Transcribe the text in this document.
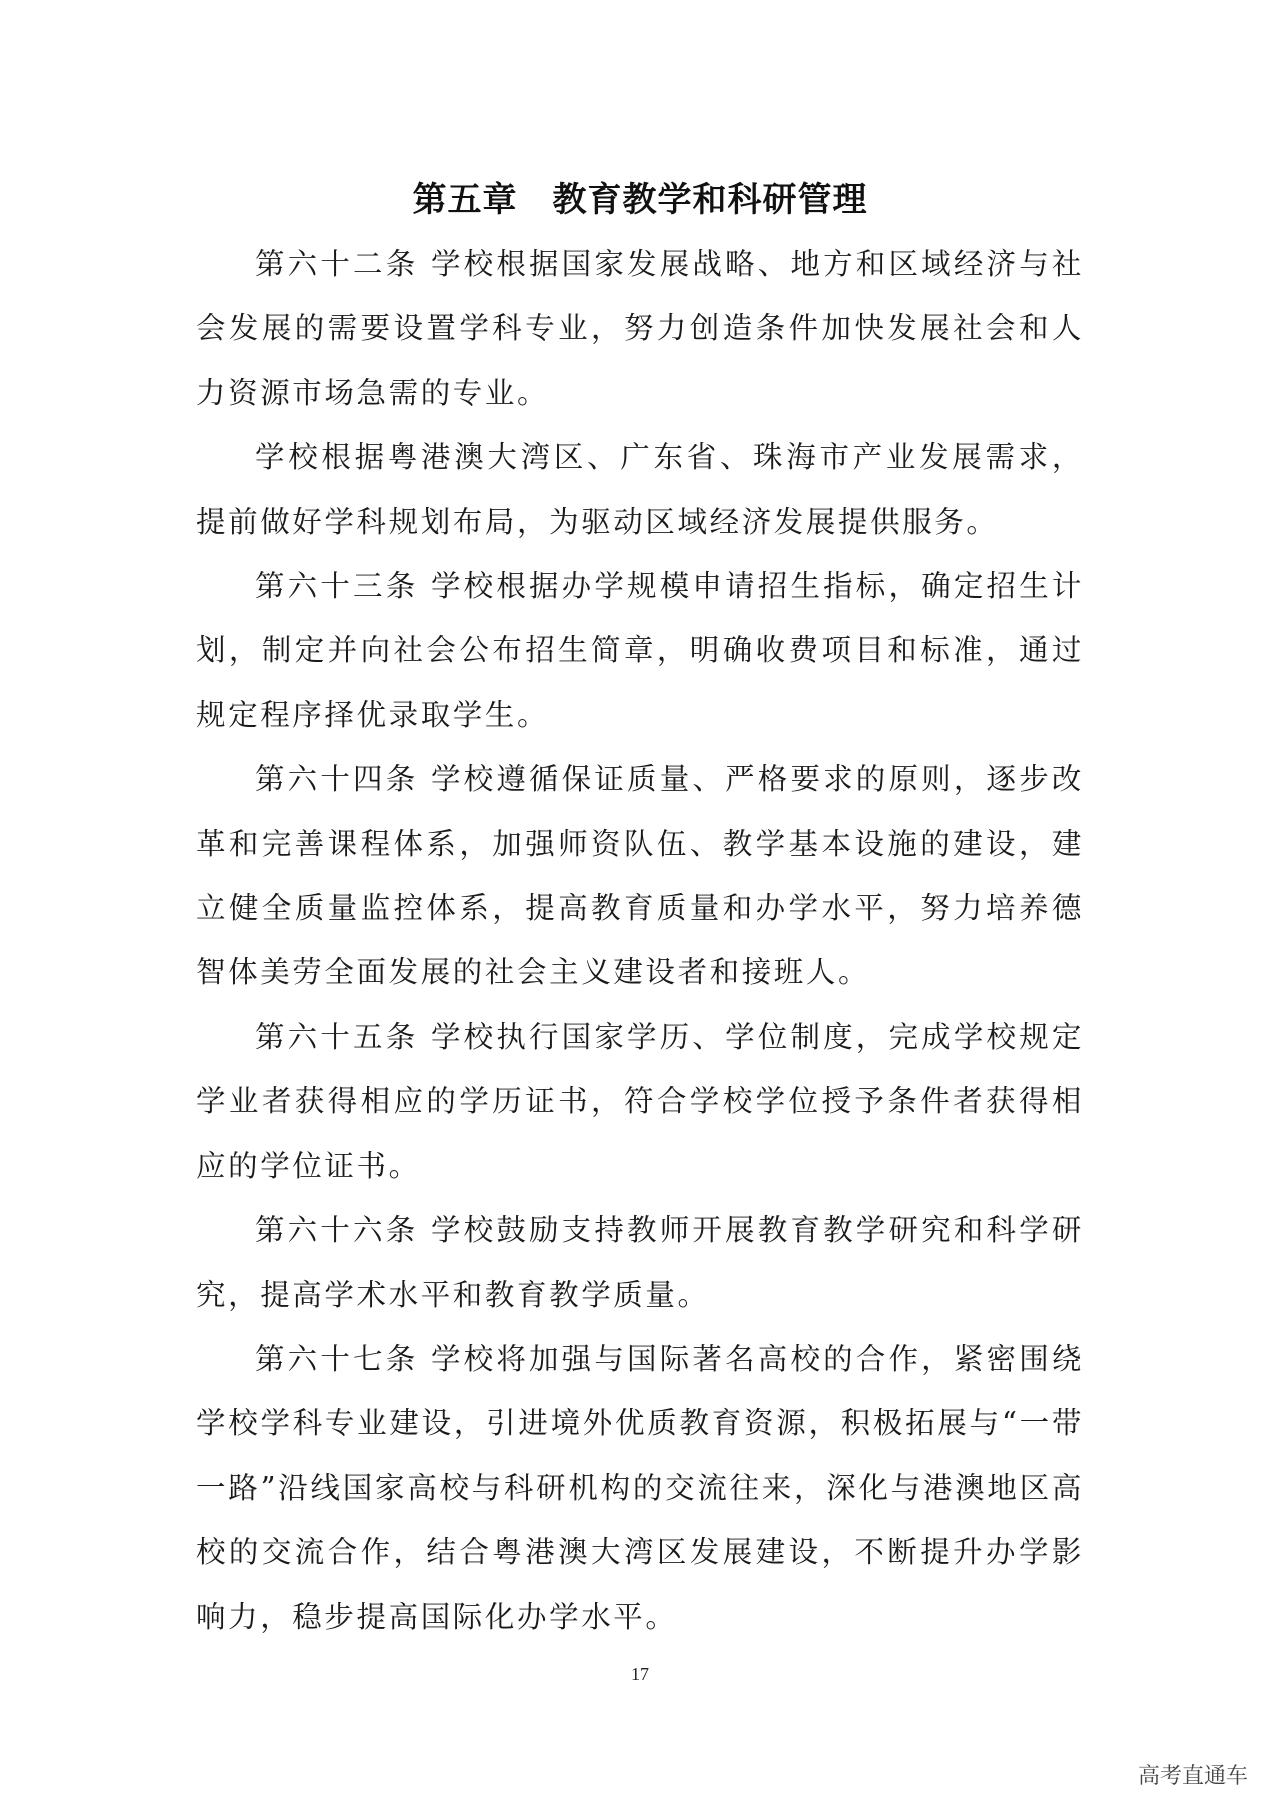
第五章　教育教学和科研管理

第六十二条 学校根据国家发展战略、地方和区域经济与社会发展的需要设置学科专业，努力创造条件加快发展社会和人力资源市场急需的专业。

学校根据粤港澳大湾区、广东省、珠海市产业发展需求，提前做好学科规划布局，为驱动区域经济发展提供服务。

第六十三条 学校根据办学规模申请招生指标，确定招生计划，制定并向社会公布招生简章，明确收费项目和标准，通过规定程序择优录取学生。

第六十四条 学校遵循保证质量、严格要求的原则，逐步改革和完善课程体系，加强师资队伍、教学基本设施的建设，建立健全质量监控体系，提高教育质量和办学水平，努力培养德智体美劳全面发展的社会主义建设者和接班人。

第六十五条 学校执行国家学历、学位制度，完成学校规定学业者获得相应的学历证书，符合学校学位授予条件者获得相应的学位证书。

第六十六条 学校鼓励支持教师开展教育教学研究和科学研究，提高学术水平和教育教学质量。

第六十七条 学校将加强与国际著名高校的合作，紧密围绕学校学科专业建设，引进境外优质教育资源，积极拓展与“一带一路”沿线国家高校与科研机构的交流往来，深化与港澳地区高校的交流合作，结合粤港澳大湾区发展建设，不断提升办学影响力，稳步提高国际化办学水平。

17
高考直通车
